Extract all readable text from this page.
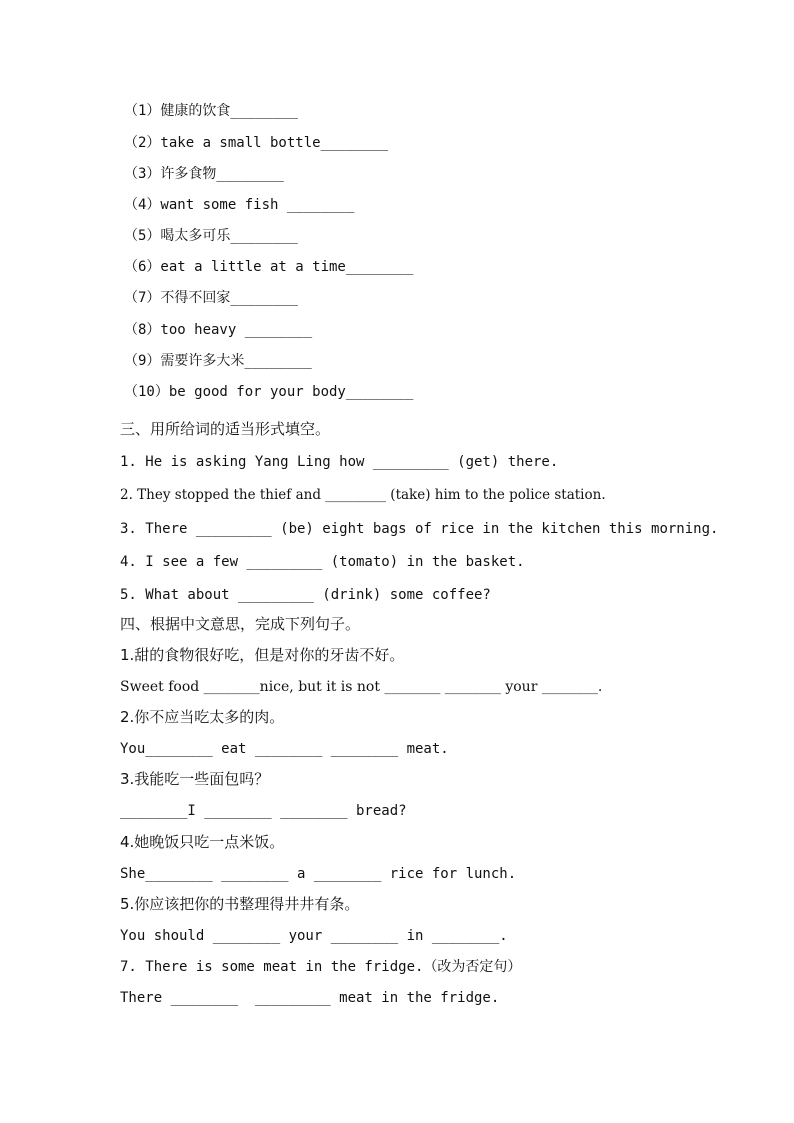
（1）健康的饮食________
（2）take a small bottle________
（3）许多食物________
（4）want some fish ________
（5）喝太多可乐________
（6）eat a little at a time________
（7）不得不回家________
（8）too heavy ________
（9）需要许多大米________
（10）be good for your body________
三、用所给词的适当形式填空。
1. He is asking Yang Ling how _________ (get) there.
2. They stopped the thief and _________ (take) him to the police station.
3. There _________ (be) eight bags of rice in the kitchen this morning.
4. I see a few _________ (tomato) in the basket.
5. What about _________ (drink) some coffee?
四、根据中文意思，完成下列句子。
1.甜的食物很好吃，但是对你的牙齿不好。
Sweet food ________nice, but it is not ________ ________ your ________.
2.你不应当吃太多的肉。
You________ eat ________ ________ meat.
3.我能吃一些面包吗？
________I ________ ________ bread?
4.她晚饭只吃一点米饭。
She________ ________ a ________ rice for lunch.
5.你应该把你的书整理得井井有条。
You should ________ your ________ in ________.
7. There is some meat in the fridge.（改为否定句）
There ________  _________ meat in the fridge.
